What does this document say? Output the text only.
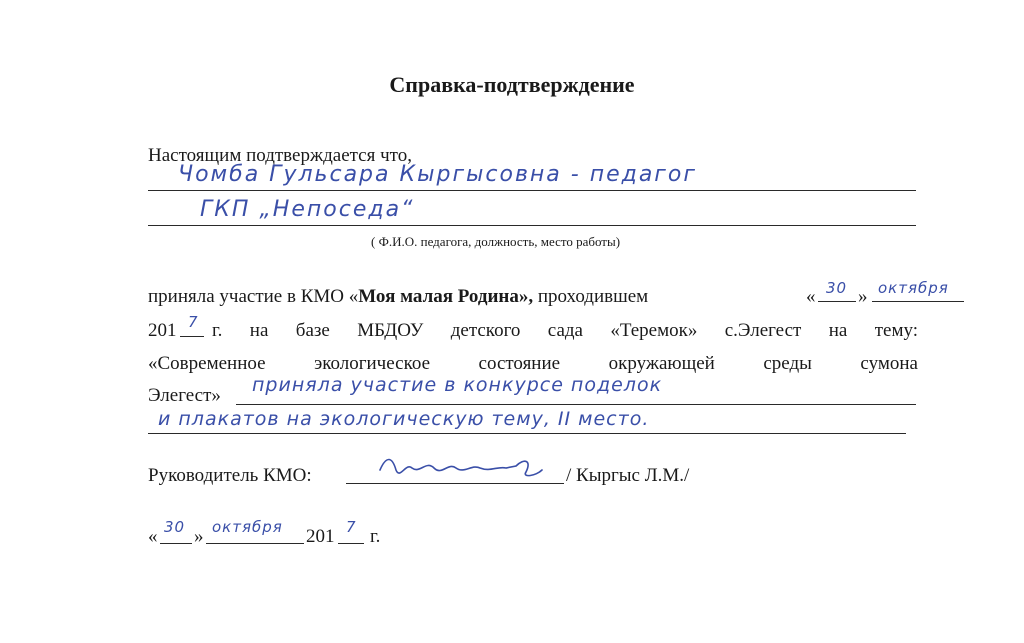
Справка-подтверждение
Настоящим подтверждается что,
Чомба Гульсара Кыргысовна - педагог
ГКП „Непоседа“
( Ф.И.О. педагога, должность, место работы)
приняла участие в КМО «Моя малая Родина», проходившем	« 30 » октября
201 7 г. на базе МБДОУ детского сада «Теремок» с.Элегест на тему:
«Современное экологическое состояние окружающей среды сумона
Элегест» приняла участие в конкурсе поделок
и плакатов на экологическую тему, II место.
Руководитель КМО:	/ Кыргыс Л.М./
« 30 » октября 201 7 г.
